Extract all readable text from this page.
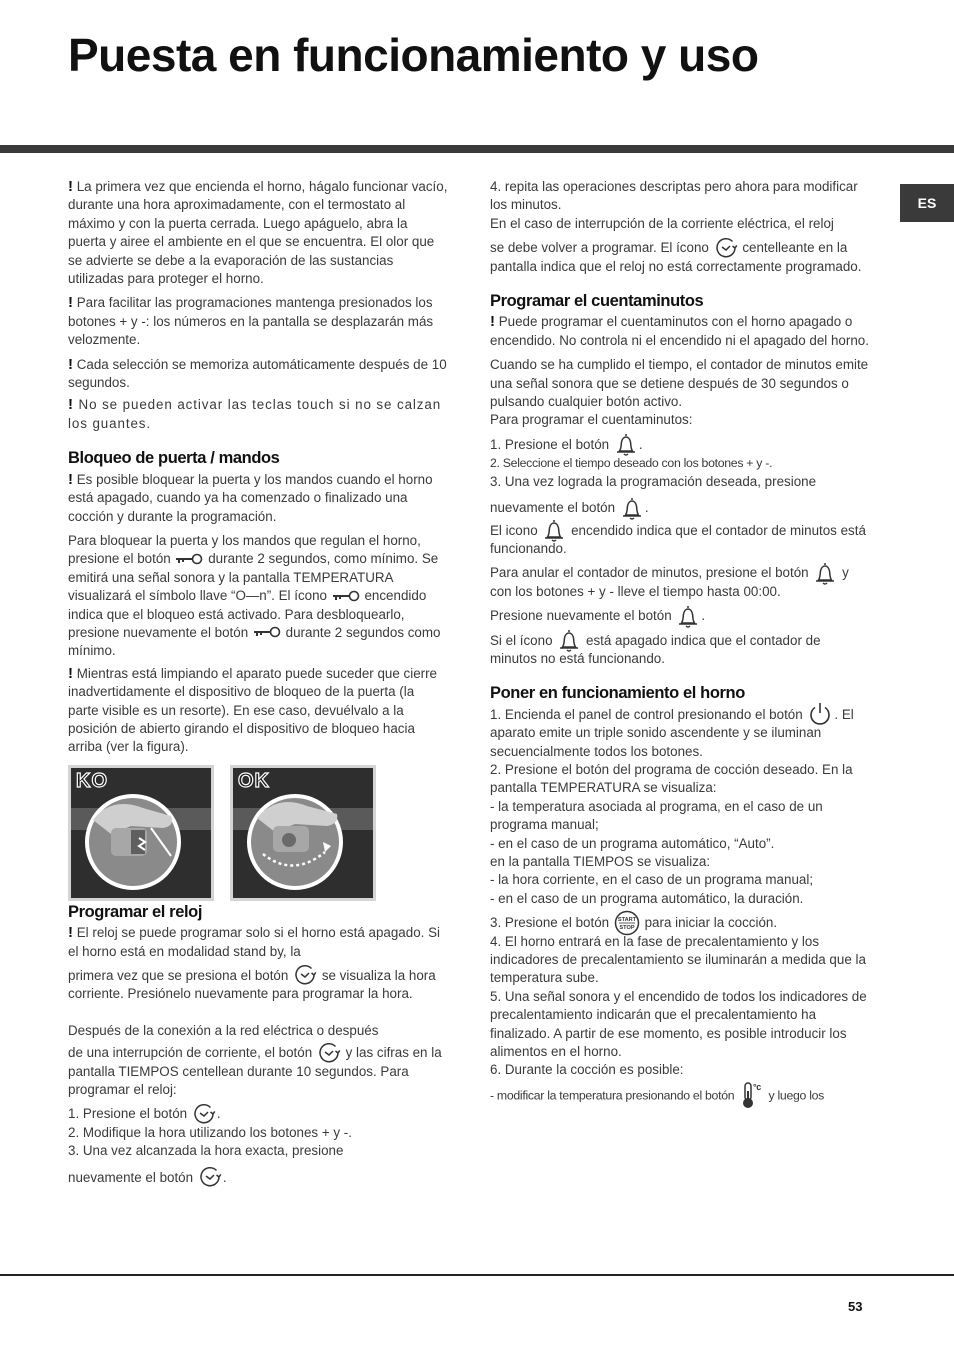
Puesta en funcionamiento y uso
ES

! La primera vez que encienda el horno, hágalo funcionar vacío, durante una hora aproximadamente, con el termostato al máximo y con la puerta cerrada. Luego apáguelo, abra la puerta y airee el ambiente en el que se encuentra. El olor que se advierte se debe a la evaporación de las sustancias utilizadas para proteger el horno.

! Para facilitar las programaciones mantenga presionados los botones + y -: los números en la pantalla se desplazarán más velozmente.

! Cada selección se memoriza automáticamente después de 10 segundos.

! No se pueden activar las teclas touch si no se calzan los guantes.

Bloqueo de puerta / mandos

! Es posible bloquear la puerta y los mandos cuando el horno está apagado, cuando ya ha comenzado o finalizado una cocción y durante la programación.

Para bloquear la puerta y los mandos que regulan el horno, presione el botón	durante 2 segundos, como mínimo. Se emitirá una señal sonora y la pantalla TEMPERATURA visualizará el símbolo llave “O—n”. El ícono	encendido indica que el bloqueo está activado. Para desbloquearlo, presione nuevamente el botón	durante 2 segundos como mínimo.

! Mientras está limpiando el aparato puede suceder que cierre inadvertidamente el dispositivo de bloqueo de la puerta (la parte visible es un resorte). En ese caso, devuélvalo a la posición de abierto girando el dispositivo de bloqueo hacia arriba (ver la figura).

KO	OK
Programar el reloj

! El reloj se puede programar solo si el horno está apagado. Si el horno está en modalidad stand by, la

primera vez que se presiona el botón se visualiza la hora corriente. Presiónelo nuevamente para programar la hora.

Después de la conexión a la red eléctrica o después

de una interrupción de corriente, el botón y las cifras en la pantalla TIEMPOS centellean durante 10 segundos. Para programar el reloj:

1. Presione el botón .

2. Modifique la hora utilizando los botones + y -.

3. Una vez alcanzada la hora exacta, presione

nuevamente el botón .

4. repita las operaciones descriptas pero ahora para modificar los minutos.

En el caso de interrupción de la corriente eléctrica, el reloj

se debe volver a programar. El ícono centelleante en la pantalla indica que el reloj no está correctamente programado.

Programar el cuentaminutos

! Puede programar el cuentaminutos con el horno apagado o encendido. No controla ni el encendido ni el apagado del horno.

Cuando se ha cumplido el tiempo, el contador de minutos emite una señal sonora que se detiene después de 30 segundos o pulsando cualquier botón activo.

Para programar el cuentaminutos:

1. Presione el botón .

2. Seleccione el tiempo deseado con los botones + y -.

3. Una vez lograda la programación deseada, presione

nuevamente el botón .

El icono encendido indica que el contador de minutos está funcionando.

Para anular el contador de minutos, presione el botón y con los botones + y - lleve el tiempo hasta 00:00.

Presione nuevamente el botón .

Si el ícono está apagado indica que el contador de minutos no está funcionando.

Poner en funcionamiento el horno

1. Encienda el panel de control presionando el botón . El aparato emite un triple sonido ascendente y se iluminan secuencialmente todos los botones.

2. Presione el botón del programa de cocción deseado. En la pantalla TEMPERATURA se visualiza:

- la temperatura asociada al programa, en el caso de un programa manual;

- en el caso de un programa automático, “Auto”.

en la pantalla TIEMPOS se visualiza:

- la hora corriente, en el caso de un programa manual;

- en el caso de un programa automático, la duración.

3. Presione el botón START
STOP para iniciar la cocción.

4. El horno entrará en la fase de precalentamiento y los indicadores de precalentamiento se iluminarán a medida que la temperatura sube.

5. Una señal sonora y el encendido de todos los indicadores de precalentamiento indicarán que el precalentamiento ha finalizado. A partir de ese momento, es posible introducir los alimentos en el horno.

6. Durante la cocción es posible:

- modificar la temperatura presionando el botón
°c
y luego los

53
